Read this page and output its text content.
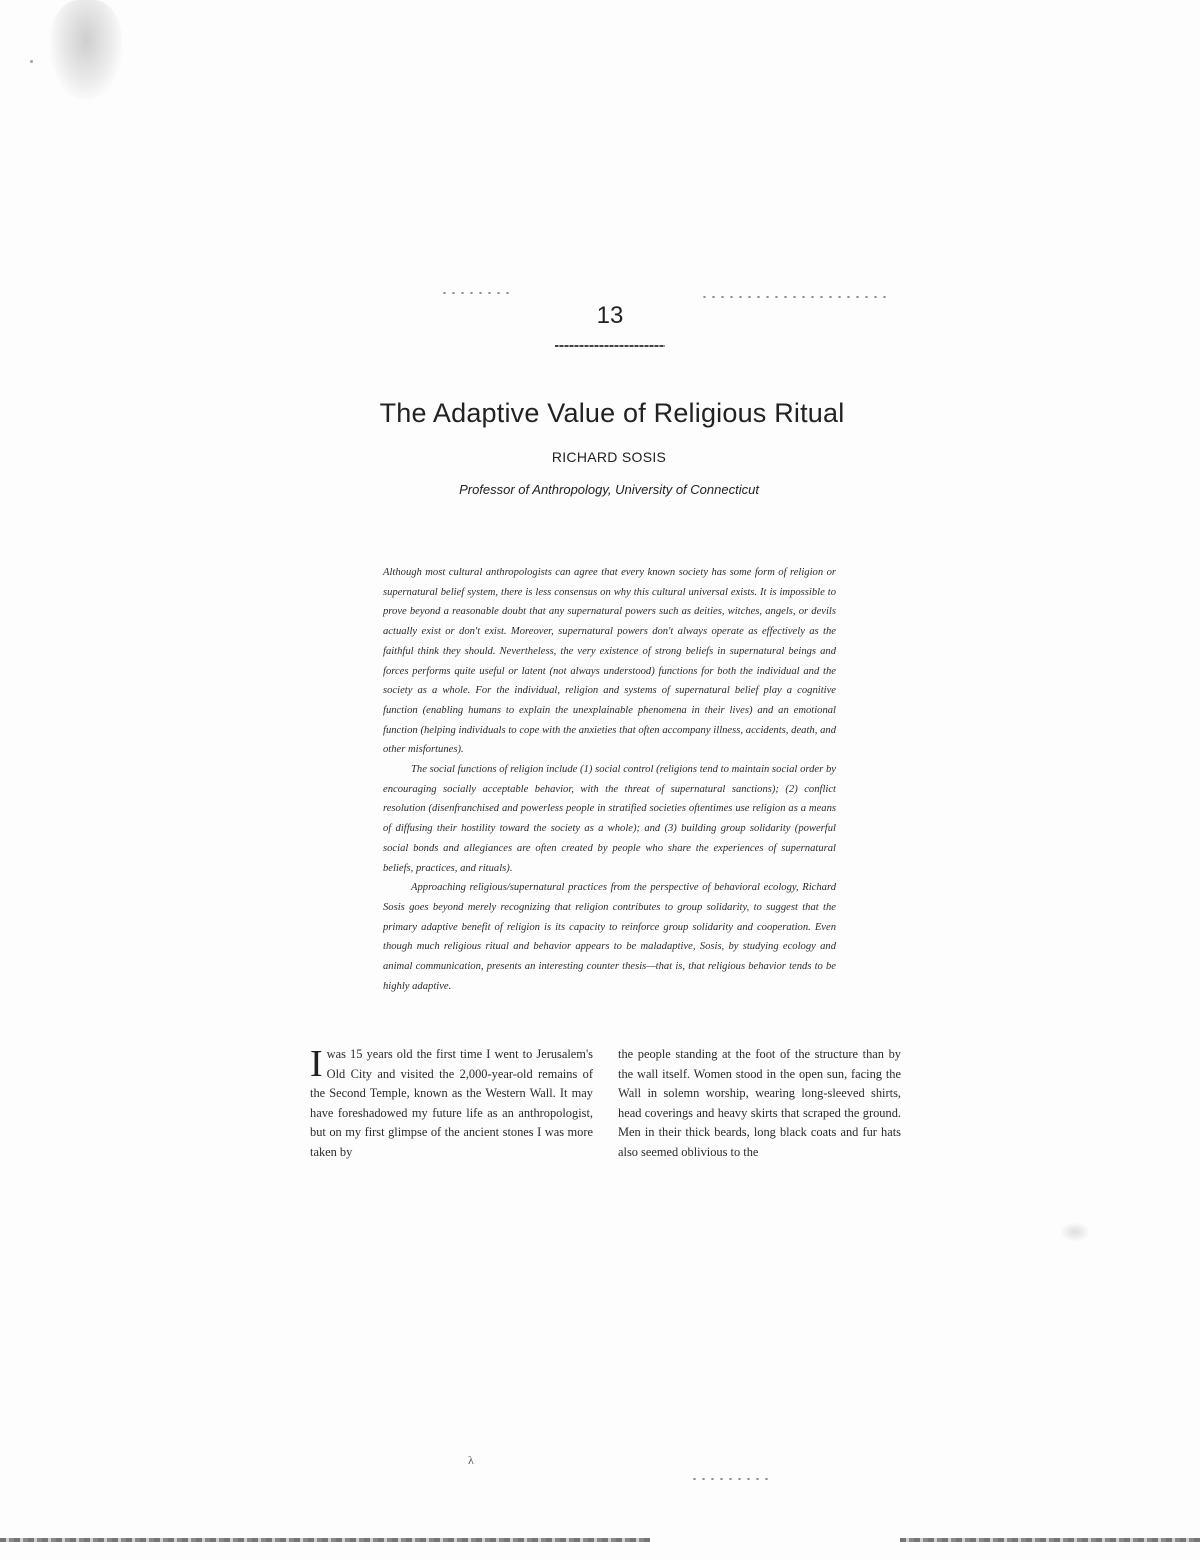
13
The Adaptive Value of Religious Ritual
RICHARD SOSIS
Professor of Anthropology, University of Connecticut

Although most cultural anthropologists can agree that every known society has some form of religion or supernatural belief system, there is less consensus on why this cultural universal exists. It is impossible to prove beyond a reasonable doubt that any supernatural powers such as deities, witches, angels, or devils actually exist or don't exist. Moreover, supernatural powers don't always operate as effectively as the faithful think they should. Nevertheless, the very existence of strong beliefs in supernatural beings and forces performs quite useful or latent (not always understood) functions for both the individual and the society as a whole. For the individual, religion and systems of supernatural belief play a cognitive function (enabling humans to explain the unexplainable phenomena in their lives) and an emotional function (helping individuals to cope with the anxieties that often accompany illness, accidents, death, and other misfortunes).

The social functions of religion include (1) social control (religions tend to maintain social order by encouraging socially acceptable behavior, with the threat of supernatural sanctions); (2) conflict resolution (disenfranchised and powerless people in stratified societies oftentimes use religion as a means of diffusing their hostility toward the society as a whole); and (3) building group solidarity (powerful social bonds and allegiances are often created by people who share the experiences of supernatural beliefs, practices, and rituals).

Approaching religious/supernatural practices from the perspective of behavioral ecology, Richard Sosis goes beyond merely recognizing that religion contributes to group solidarity, to suggest that the primary adaptive benefit of religion is its capacity to reinforce group solidarity and cooperation. Even though much religious ritual and behavior appears to be maladaptive, Sosis, by studying ecology and animal communication, presents an interesting counter thesis—that is, that religious behavior tends to be highly adaptive.

Iwas 15 years old the first time I went to Jerusalem's Old City and visited the 2,000-year-old remains of the Second Temple, known as the Western Wall. It may have foreshadowed my future life as an anthropologist, but on my first glimpse of the ancient stones I was more taken by

the people standing at the foot of the structure than by the wall itself. Women stood in the open sun, facing the Wall in solemn worship, wearing long-sleeved shirts, head coverings and heavy skirts that scraped the ground. Men in their thick beards, long black coats and fur hats also seemed oblivious to the

λ
